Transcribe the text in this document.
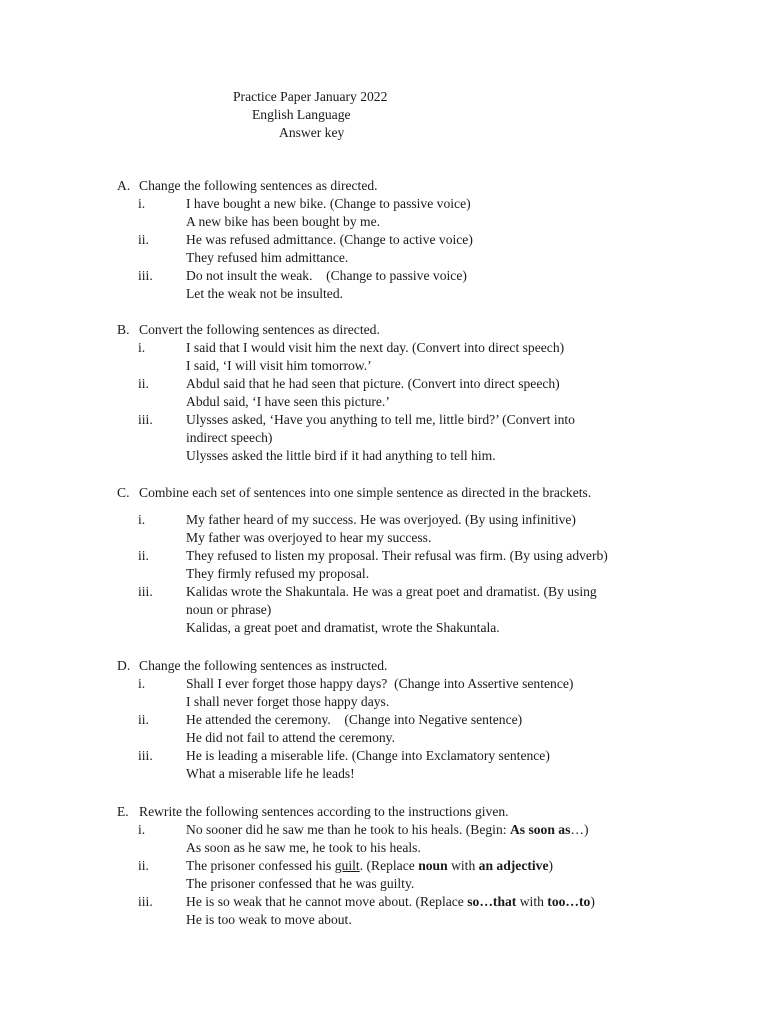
Practice Paper January 2022
English Language
Answer key
A. Change the following sentences as directed.
i.	I have bought a new bike. (Change to passive voice)
A new bike has been bought by me.
ii.	He was refused admittance. (Change to active voice)
They refused him admittance.
iii. Do not insult the weak.    (Change to passive voice)
Let the weak not be insulted.
B. Convert the following sentences as directed.
i.	I said that I would visit him the next day. (Convert into direct speech)
I said, ‘I will visit him tomorrow.’
ii.	Abdul said that he had seen that picture. (Convert into direct speech)
Abdul said, ‘I have seen this picture.’
iii. Ulysses asked, ‘Have you anything to tell me, little bird?’ (Convert into
indirect speech)
Ulysses asked the little bird if it had anything to tell him.
C. Combine each set of sentences into one simple sentence as directed in the brackets.
i.	My father heard of my success. He was overjoyed. (By using infinitive)
My father was overjoyed to hear my success.
ii.	They refused to listen my proposal. Their refusal was firm. (By using adverb)
They firmly refused my proposal.
iii. Kalidas wrote the Shakuntala. He was a great poet and dramatist. (By using
noun or phrase)
Kalidas, a great poet and dramatist, wrote the Shakuntala.
D. Change the following sentences as instructed.
i.	Shall I ever forget those happy days?  (Change into Assertive sentence)
I shall never forget those happy days.
ii.	He attended the ceremony.    (Change into Negative sentence)
He did not fail to attend the ceremony.
iii. He is leading a miserable life. (Change into Exclamatory sentence)
What a miserable life he leads!
E. Rewrite the following sentences according to the instructions given.
i.	No sooner did he saw me than he took to his heals. (Begin: As soon as…)
As soon as he saw me, he took to his heals.
ii.	The prisoner confessed his guilt. (Replace noun with an adjective)
The prisoner confessed that he was guilty.
iii. He is so weak that he cannot move about. (Replace so…that with too…to)
He is too weak to move about.
